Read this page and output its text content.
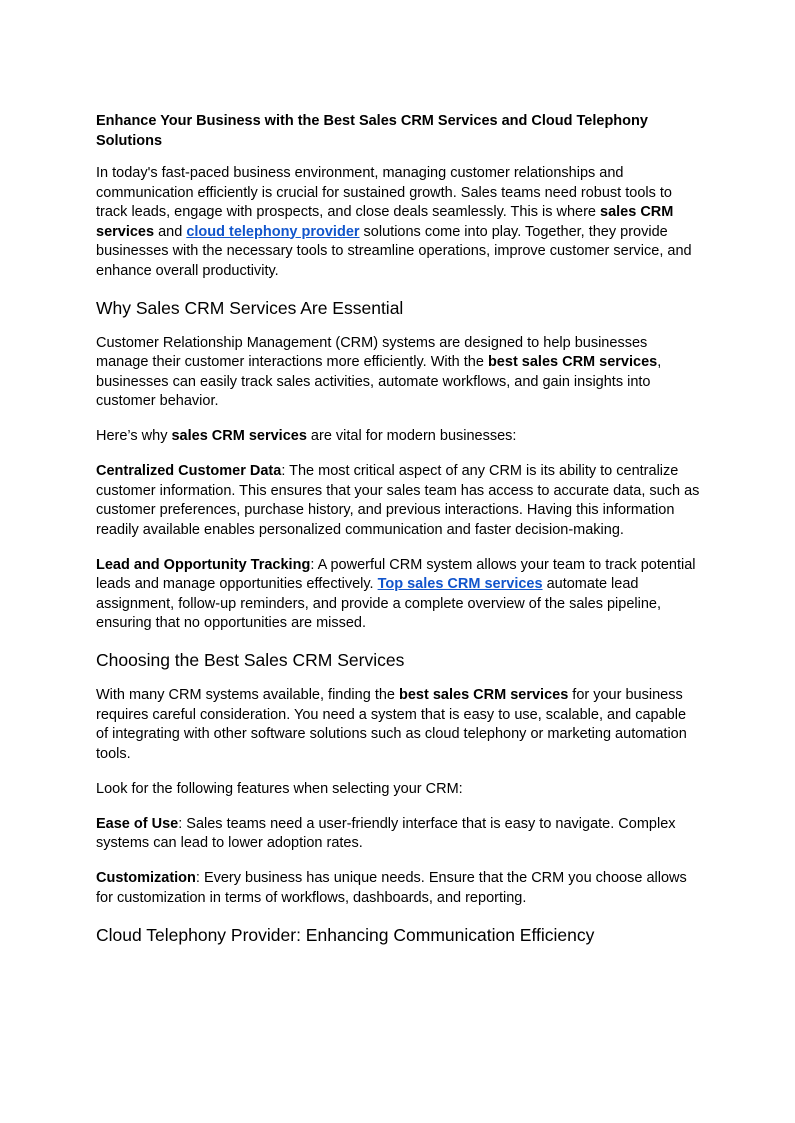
Enhance Your Business with the Best Sales CRM Services and Cloud Telephony Solutions

In today's fast-paced business environment, managing customer relationships and communication efficiently is crucial for sustained growth. Sales teams need robust tools to track leads, engage with prospects, and close deals seamlessly. This is where sales CRM services and cloud telephony provider solutions come into play. Together, they provide businesses with the necessary tools to streamline operations, improve customer service, and enhance overall productivity.

Why Sales CRM Services Are Essential

Customer Relationship Management (CRM) systems are designed to help businesses manage their customer interactions more efficiently. With the best sales CRM services, businesses can easily track sales activities, automate workflows, and gain insights into customer behavior.

Here’s why sales CRM services are vital for modern businesses:

Centralized Customer Data: The most critical aspect of any CRM is its ability to centralize customer information. This ensures that your sales team has access to accurate data, such as customer preferences, purchase history, and previous interactions. Having this information readily available enables personalized communication and faster decision-making.

Lead and Opportunity Tracking: A powerful CRM system allows your team to track potential leads and manage opportunities effectively. Top sales CRM services automate lead assignment, follow-up reminders, and provide a complete overview of the sales pipeline, ensuring that no opportunities are missed.

Choosing the Best Sales CRM Services

With many CRM systems available, finding the best sales CRM services for your business requires careful consideration. You need a system that is easy to use, scalable, and capable of integrating with other software solutions such as cloud telephony or marketing automation tools.

Look for the following features when selecting your CRM:

Ease of Use: Sales teams need a user-friendly interface that is easy to navigate. Complex systems can lead to lower adoption rates.

Customization: Every business has unique needs. Ensure that the CRM you choose allows for customization in terms of workflows, dashboards, and reporting.

Cloud Telephony Provider: Enhancing Communication Efficiency
